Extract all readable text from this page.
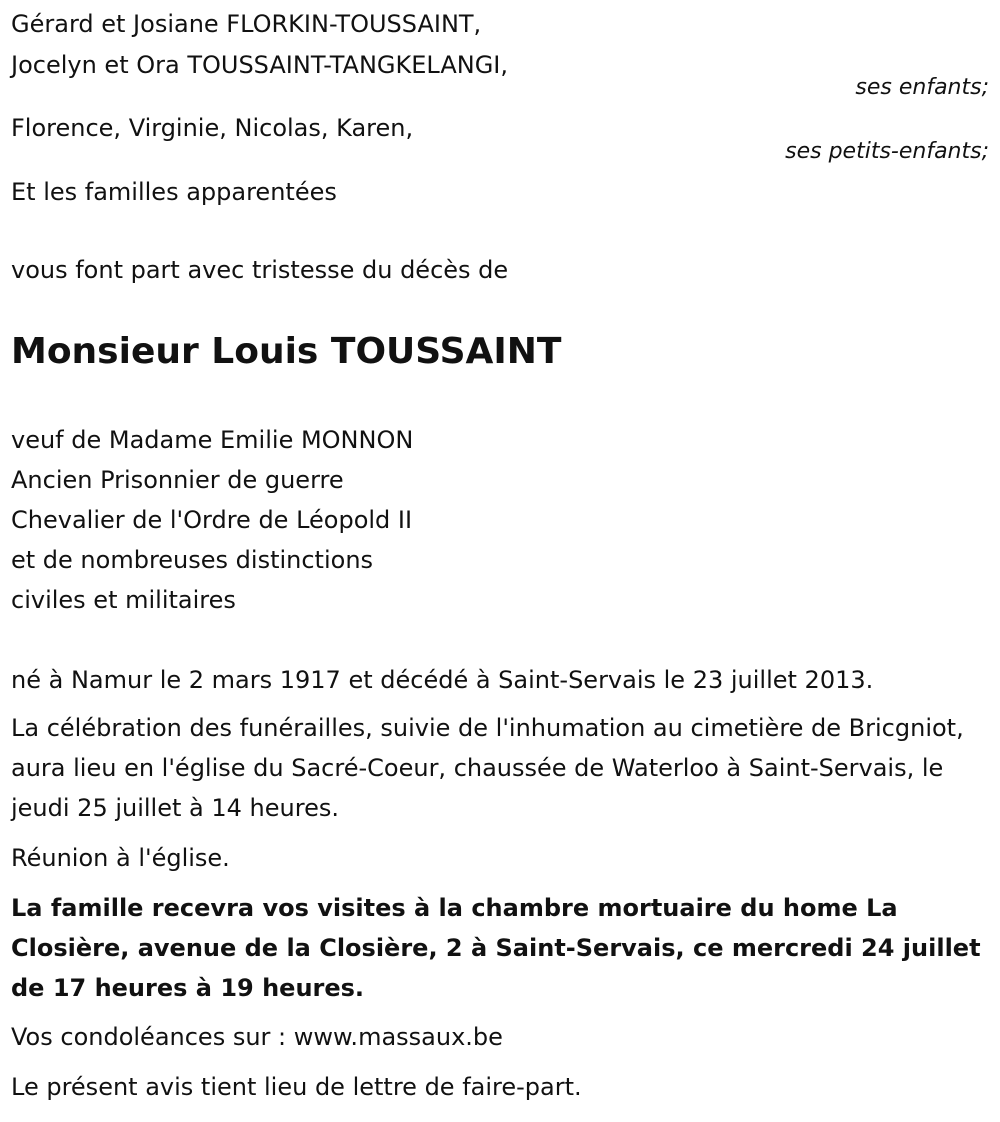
Gérard et Josiane FLORKIN-TOUSSAINT,

Jocelyn et Ora TOUSSAINT-TANGKELANGI,

ses enfants;

Florence, Virginie, Nicolas, Karen,

ses petits-enfants;

Et les familles apparentées

vous font part avec tristesse du décès de

Monsieur Louis TOUSSAINT

veuf de Madame Emilie MONNON

Ancien Prisonnier de guerre

Chevalier de l'Ordre de Léopold II

et de nombreuses distinctions

civiles et militaires

né à Namur le 2 mars 1917 et décédé à Saint-Servais le 23 juillet 2013.

La célébration des funérailles, suivie de l'inhumation au cimetière de Bricgniot, aura lieu en l'église du Sacré-Coeur, chaussée de Waterloo à Saint-Servais, le jeudi 25 juillet à 14 heures.

Réunion à l'église.

La famille recevra vos visites à la chambre mortuaire du home La Closière, avenue de la Closière, 2 à Saint-Servais, ce mercredi 24 juillet de 17 heures à 19 heures.

Vos condoléances sur : www.massaux.be

Le présent avis tient lieu de lettre de faire-part.
